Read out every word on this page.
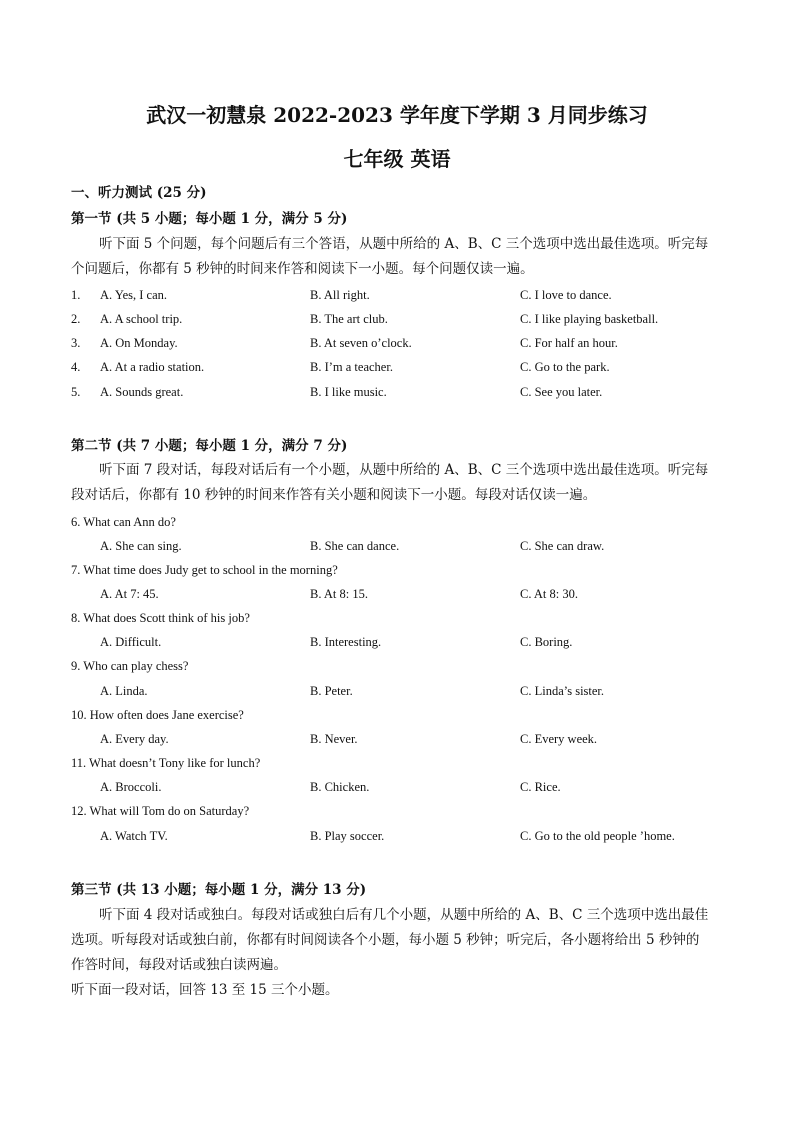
武汉一初慧泉 2022-2023 学年度下学期 3 月同步练习
七年级 英语
一、听力测试 (25 分)
第一节 (共 5 小题；每小题 1 分，满分 5 分)
听下面 5 个问题，每个问题后有三个答语，从题中所给的 A、B、C 三个选项中选出最佳选项。听完每
个问题后，你都有 5 秒钟的时间来作答和阅读下一小题。每个问题仅读一遍。
1. A. Yes, I can.	B. All right.	C. I love to dance.
2. A. A school trip.	B. The art club.	C. I like playing basketball.
3. A. On Monday.	B. At seven o’clock.	C. For half an hour.
4. A. At a radio station.	B. I’m a teacher.	C. Go to the park.
5. A. Sounds great.	B. I like music.	C. See you later.
第二节 (共 7 小题；每小题 1 分，满分 7 分)
听下面 7 段对话，每段对话后有一个小题，从题中所给的 A、B、C 三个选项中选出最佳选项。听完每
段对话后，你都有 10 秒钟的时间来作答有关小题和阅读下一小题。每段对话仅读一遍。
6. What can Ann do?
A. She can sing.	B. She can dance.	C. She can draw.
7. What time does Judy get to school in the morning?
A. At 7: 45.	B. At 8: 15.	C. At 8: 30.
8. What does Scott think of his job?
A. Difficult.	B. Interesting.	C. Boring.
9. Who can play chess?
A. Linda.	B. Peter.	C. Linda’s sister.
10. How often does Jane exercise?
A. Every day.	B. Never.	C. Every week.
11. What doesn’t Tony like for lunch?
A. Broccoli.	B. Chicken.	C. Rice.
12. What will Tom do on Saturday?
A. Watch TV.	B. Play soccer.	C. Go to the old people ’home.
第三节 (共 13 小题；每小题 1 分，满分 13 分)
听下面 4 段对话或独白。每段对话或独白后有几个小题，从题中所给的 A、B、C 三个选项中选出最佳
选项。听每段对话或独白前，你都有时间阅读各个小题，每小题 5 秒钟；听完后，各小题将给出 5 秒钟的
作答时间，每段对话或独白读两遍。
听下面一段对话，回答 13 至 15 三个小题。
